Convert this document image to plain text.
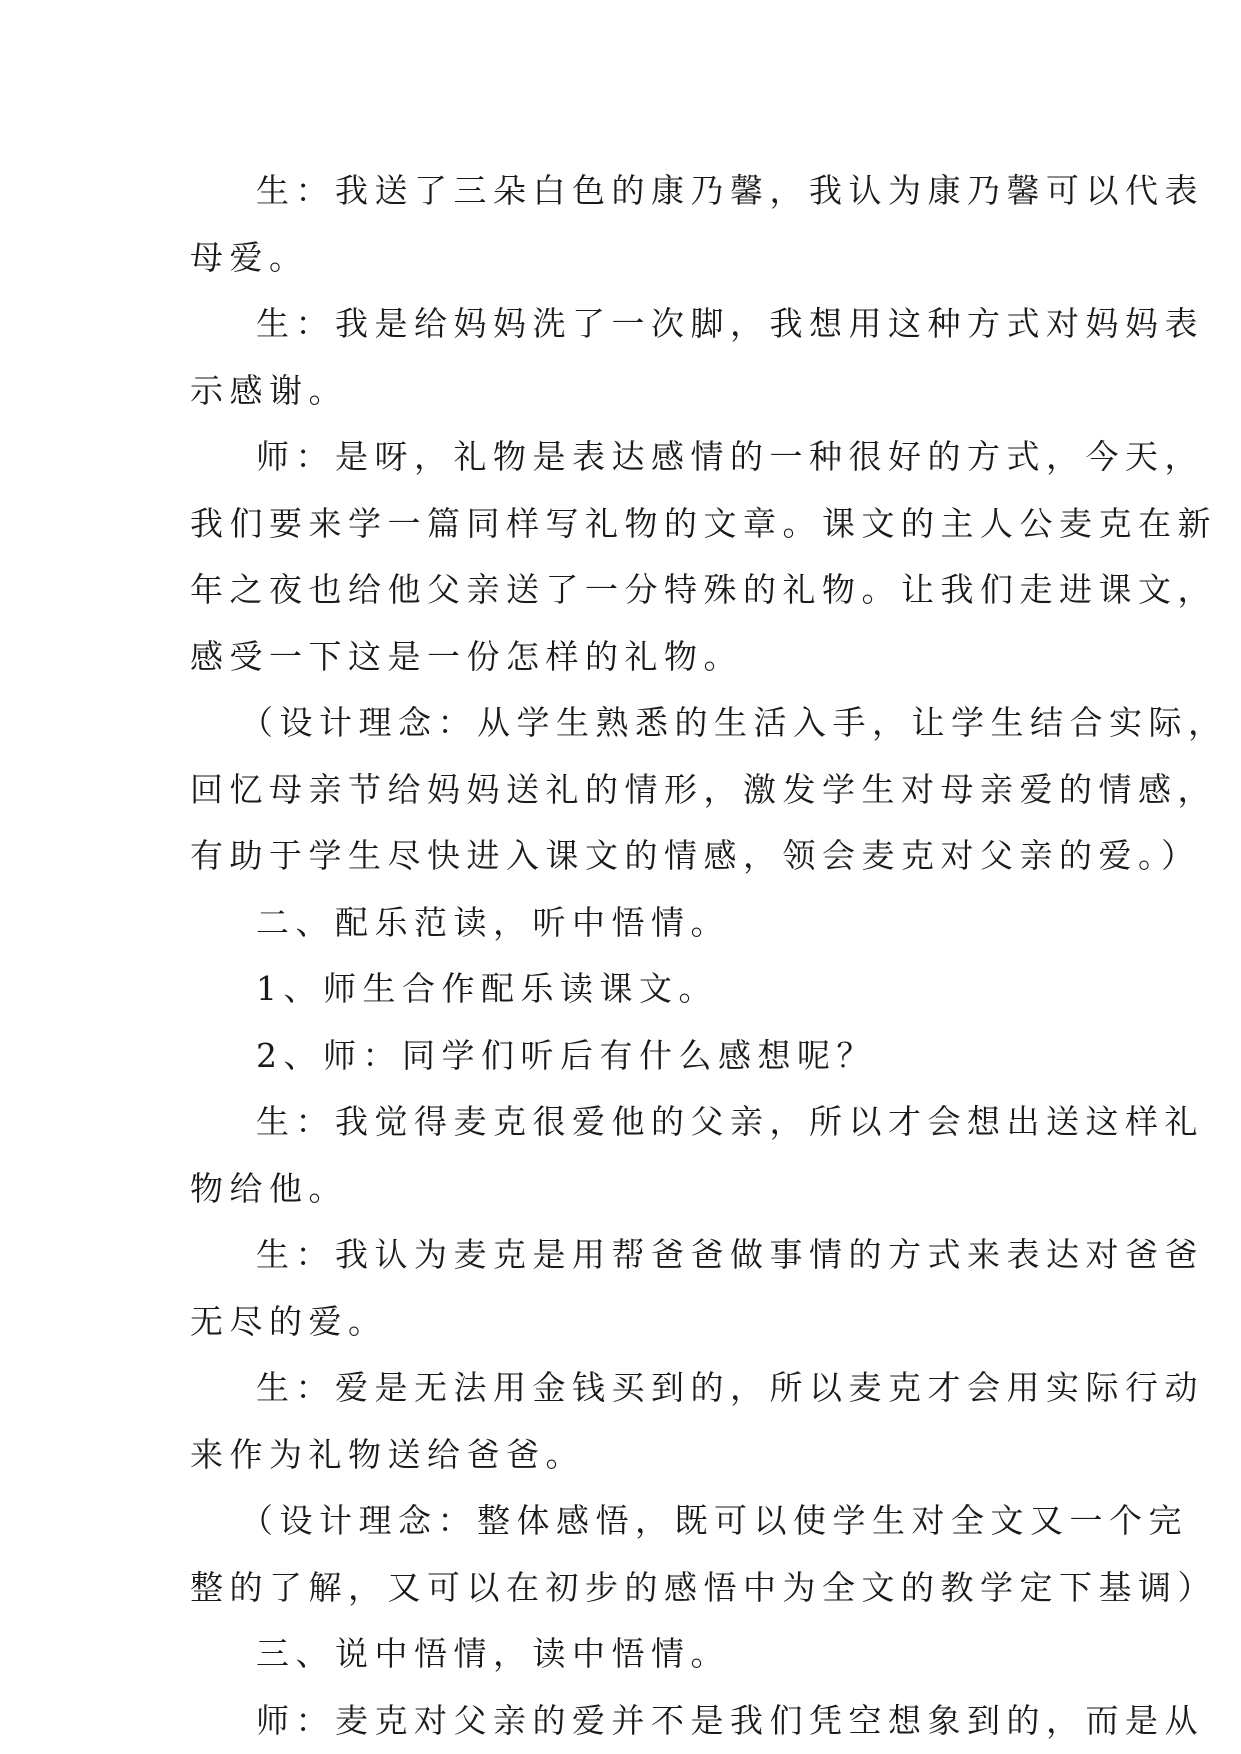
生：我送了三朵白色的康乃馨，我认为康乃馨可以代表
母爱。
生：我是给妈妈洗了一次脚，我想用这种方式对妈妈表
示感谢。
师：是呀，礼物是表达感情的一种很好的方式，今天，
我们要来学一篇同样写礼物的文章。课文的主人公麦克在新
年之夜也给他父亲送了一分特殊的礼物。让我们走进课文，
感受一下这是一份怎样的礼物。
（设计理念：从学生熟悉的生活入手，让学生结合实际，
回忆母亲节给妈妈送礼的情形，激发学生对母亲爱的情感，
有助于学生尽快进入课文的情感，领会麦克对父亲的爱。）
二、配乐范读，听中悟情。
1、师生合作配乐读课文。
2、师：同学们听后有什么感想呢？
生：我觉得麦克很爱他的父亲，所以才会想出送这样礼
物给他。
生：我认为麦克是用帮爸爸做事情的方式来表达对爸爸
无尽的爱。
生：爱是无法用金钱买到的，所以麦克才会用实际行动
来作为礼物送给爸爸。
（设计理念：整体感悟，既可以使学生对全文又一个完
整的了解，又可以在初步的感悟中为全文的教学定下基调）
三、说中悟情，读中悟情。
师：麦克对父亲的爱并不是我们凭空想象到的，而是从
